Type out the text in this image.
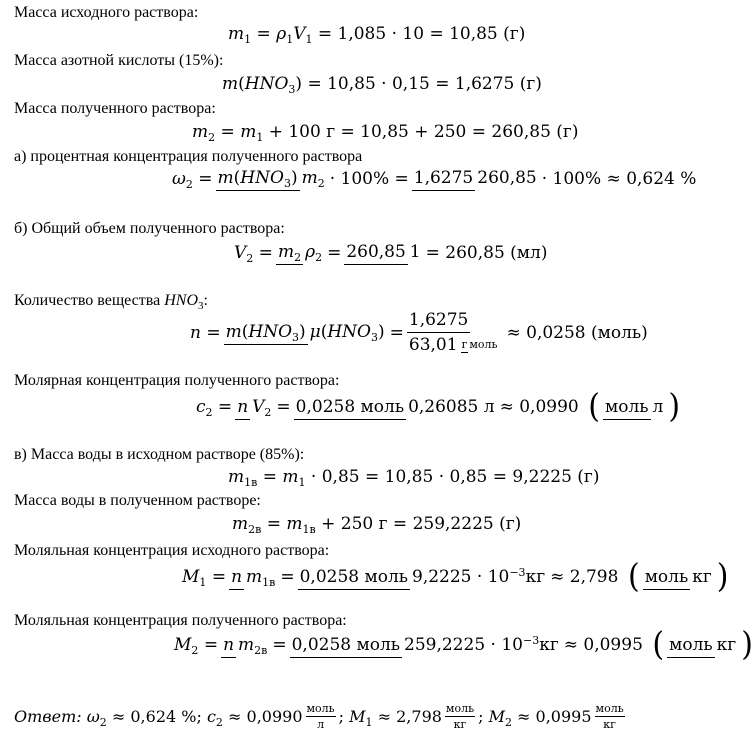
Масса исходного раствора:
$m_1 = \rho_1V_1 = 1,085 \cdot 10 = 10,85$ (г)
Масса азотной кислоты (15%):
$m(HNO_3) = 10,85 \cdot 0,15 = 1,6275$ (г)
Масса полученного раствора:
$m_2 = m_1 + 100$ г = 10,85 + 250 = 260,85 (г)
а) процентная концентрация полученного раствора
$\omega_2 = m(HNO_3) m_2 \cdot 100\% = 1,6275$ 260,85 · 100% ≈ 0,624 %
б) Общий объем полученного раствора:
$V_2 = m_2$ $\rho_2 = 260,85$ 1 = 260,85 (мл)
Количество вещества $HNO_3$:
$n = m(HNO_3) \mu(HNO_3) = \frac{1,6275}{\text{63,01 г моль}} \approx 0,0258$ (моль)
Молярная концентрация полученного раствора:
$c_2 = n$ $V_2 = 0,0258$ моль 0,26085 л ≈ 0,0990 ( моль л )
в) Масса воды в исходном растворе (85%):
$m_{1в} = m_1 \cdot 0,85 = 10,85 \cdot 0,85 = 9,2225$ (г)
Масса воды в полученном растворе:
$m_{2в} = m_{1в} + 250$ г = 259,2225 (г)
Моляльная концентрация исходного раствора:
$M_1 = n$ $m_{1в} = 0,0258$ моль $9,2225 \cdot 10^{-3}кг \approx 2,798$ ( моль кг )
Моляльная концентрация полученного раствора:
$M_2 = n$ $m_{2в} = 0,0258$ моль $259,2225 \cdot 10^{-3}кг \approx 0,0995$ ( моль кг )
Ответ :
$\omega_2 \approx 0,624$ %;
$c_2 \approx 0,0990 \frac{\text{моль}}{л}$ ; $M_1 \approx 2,798 \frac{\text{моль}}{кг}$ ; $M_2 \approx 0,0995 \frac{\text{моль}}{кг}$
